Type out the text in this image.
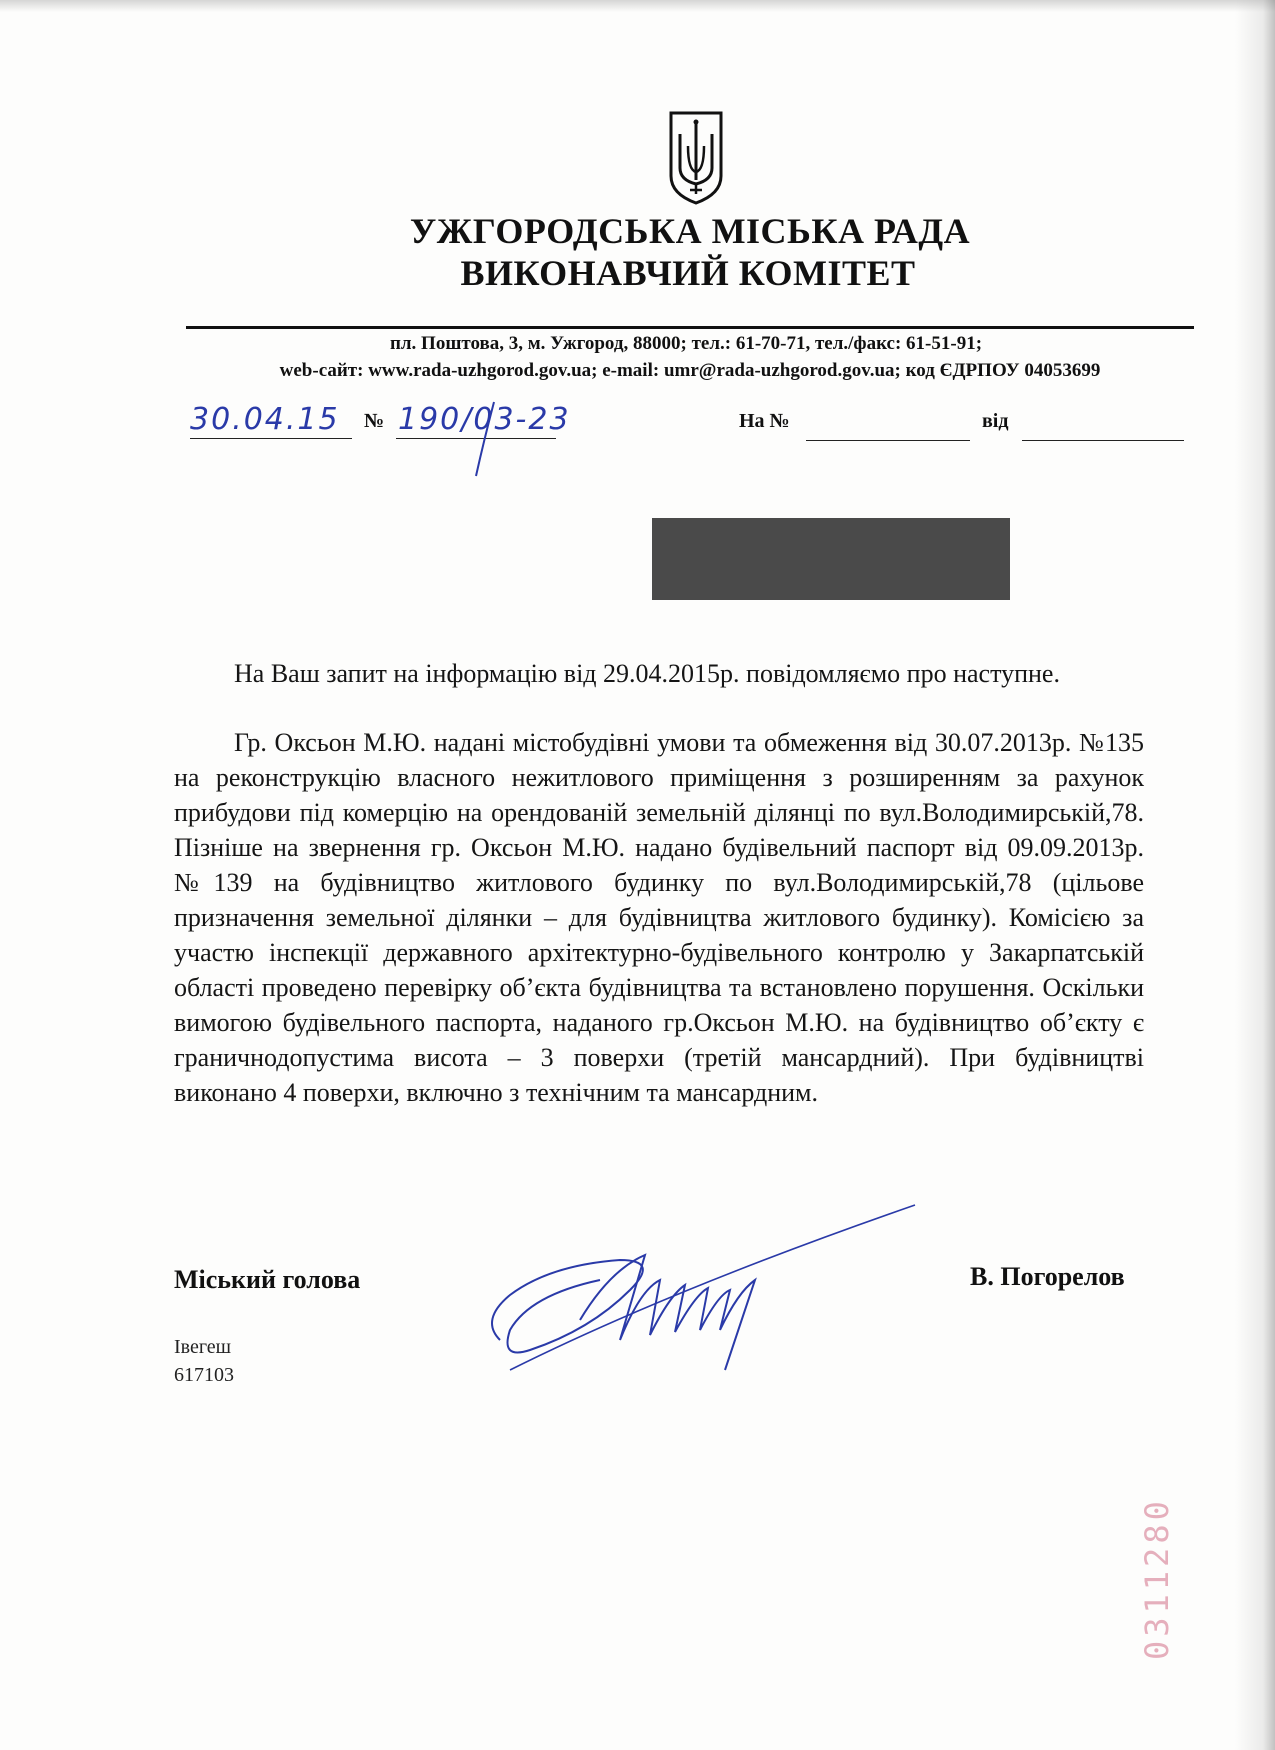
УЖГОРОДСЬКА МІСЬКА РАДА
ВИКОНАВЧИЙ КОМІТЕТ
пл. Поштова, 3, м. Ужгород, 88000; тел.: 61-70-71, тел./факс: 61-51-91;
web-сайт: www.rada-uzhgorod.gov.ua; e-mail: umr@rada-uzhgorod.gov.ua; код ЄДРПОУ 04053699
30.04.15 № 190/03-23	На №	від

На Ваш запит на інформацію від 29.04.2015р. повідомляємо про наступне.

Гр. Оксьон М.Ю. надані містобудівні умови та обмеження від 30.07.2013р. №135 на реконструкцію власного нежитлового приміщення з розширенням за рахунок прибудови під комерцію на орендованій земельній ділянці по вул.Володимирській,78. Пізніше на звернення гр. Оксьон М.Ю. надано будівельний паспорт від 09.09.2013р. №139 на будівництво житлового будинку по вул.Володимирській,78 (цільове призначення земельної ділянки – для будівництва житлового будинку). Комісією за участю інспекції державного архітектурно-будівельного контролю у Закарпатській області проведено перевірку об’єкта будівництва та встановлено порушення. Оскільки вимогою будівельного паспорта, наданого гр.Оксьон М.Ю. на будівництво об’єкту є граничнодопустима висота – 3 поверхи (третій мансардний). При будівництві виконано 4 поверхи, включно з технічним та мансардним.

Міський голова	В. Погорелов
Івегеш
617103
0311280
